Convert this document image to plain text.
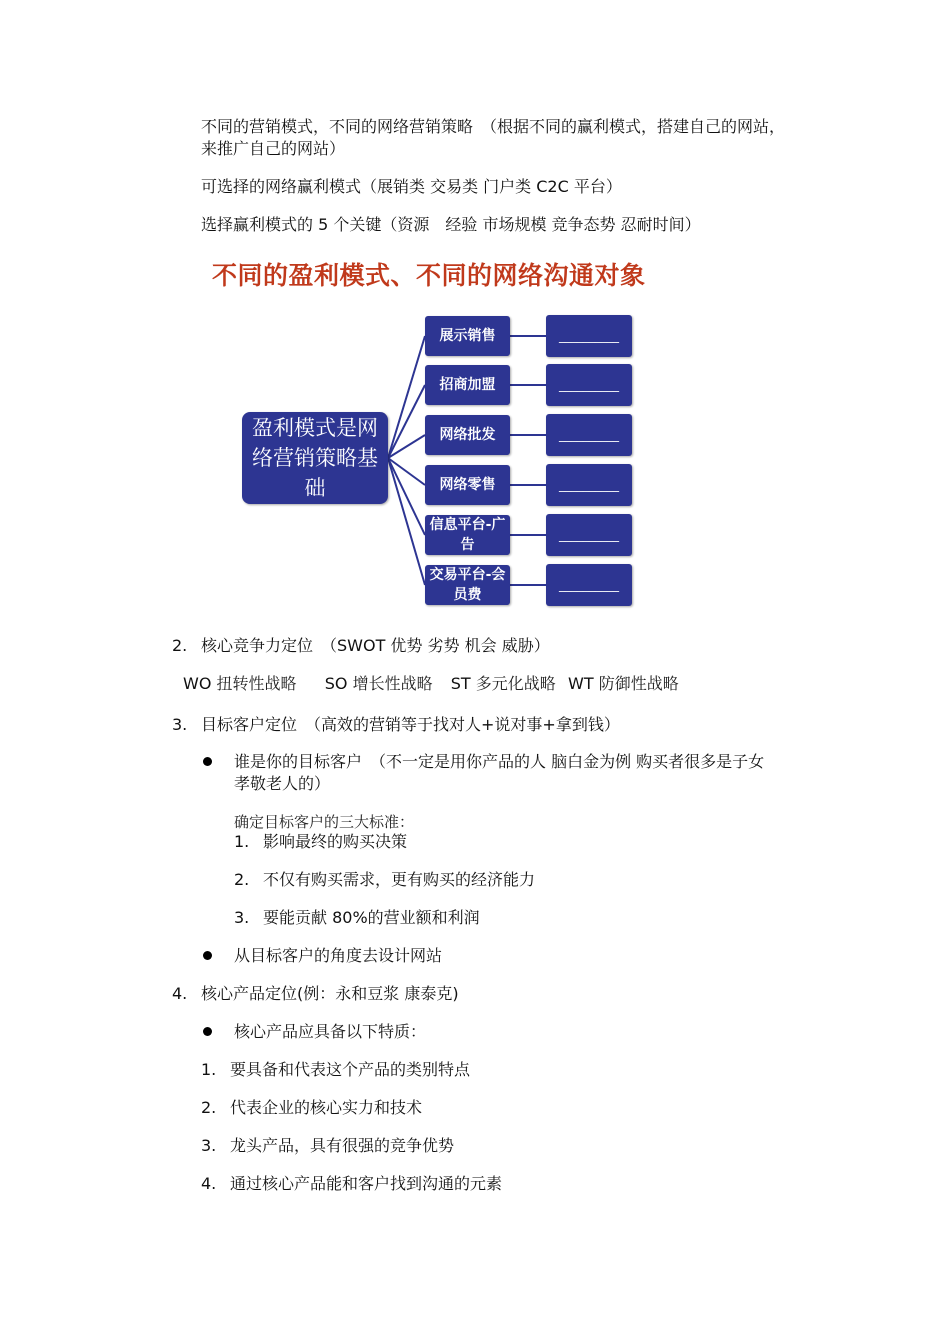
不同的营销模式，不同的网络营销策略　（根据不同的赢利模式，搭建自己的网站，
来推广自己的网站）
可选择的网络赢利模式（展销类 交易类 门户类 C2C 平台）
选择赢利模式的 5 个关键（资源　经验 市场规模 竞争态势 忍耐时间）
不同的盈利模式、不同的网络沟通对象
盈利模式是网络营销策略基础
展示销售
招商加盟
网络批发
网络零售
信息平台-广告
交易平台-会员费
__________
__________
__________
__________
__________
__________
2. 核心竞争力定位　（SWOT 优势 劣势 机会 威胁）
WO 扭转性战略 SO 增长性战略 ST 多元化战略 WT 防御性战略
3. 目标客户定位　（高效的营销等于找对人+说对事+拿到钱）
谁是你的目标客户　（不一定是用你产品的人 脑白金为例 购买者很多是子女
孝敬老人的）
确定目标客户的三大标准：
1. 影响最终的购买决策
2. 不仅有购买需求，更有购买的经济能力
3. 要能贡献 80%的营业额和利润
从目标客户的角度去设计网站
4. 核心产品定位(例：永和豆浆 康泰克)
核心产品应具备以下特质：
1. 要具备和代表这个产品的类别特点
2. 代表企业的核心实力和技术
3. 龙头产品，具有很强的竞争优势
4. 通过核心产品能和客户找到沟通的元素
